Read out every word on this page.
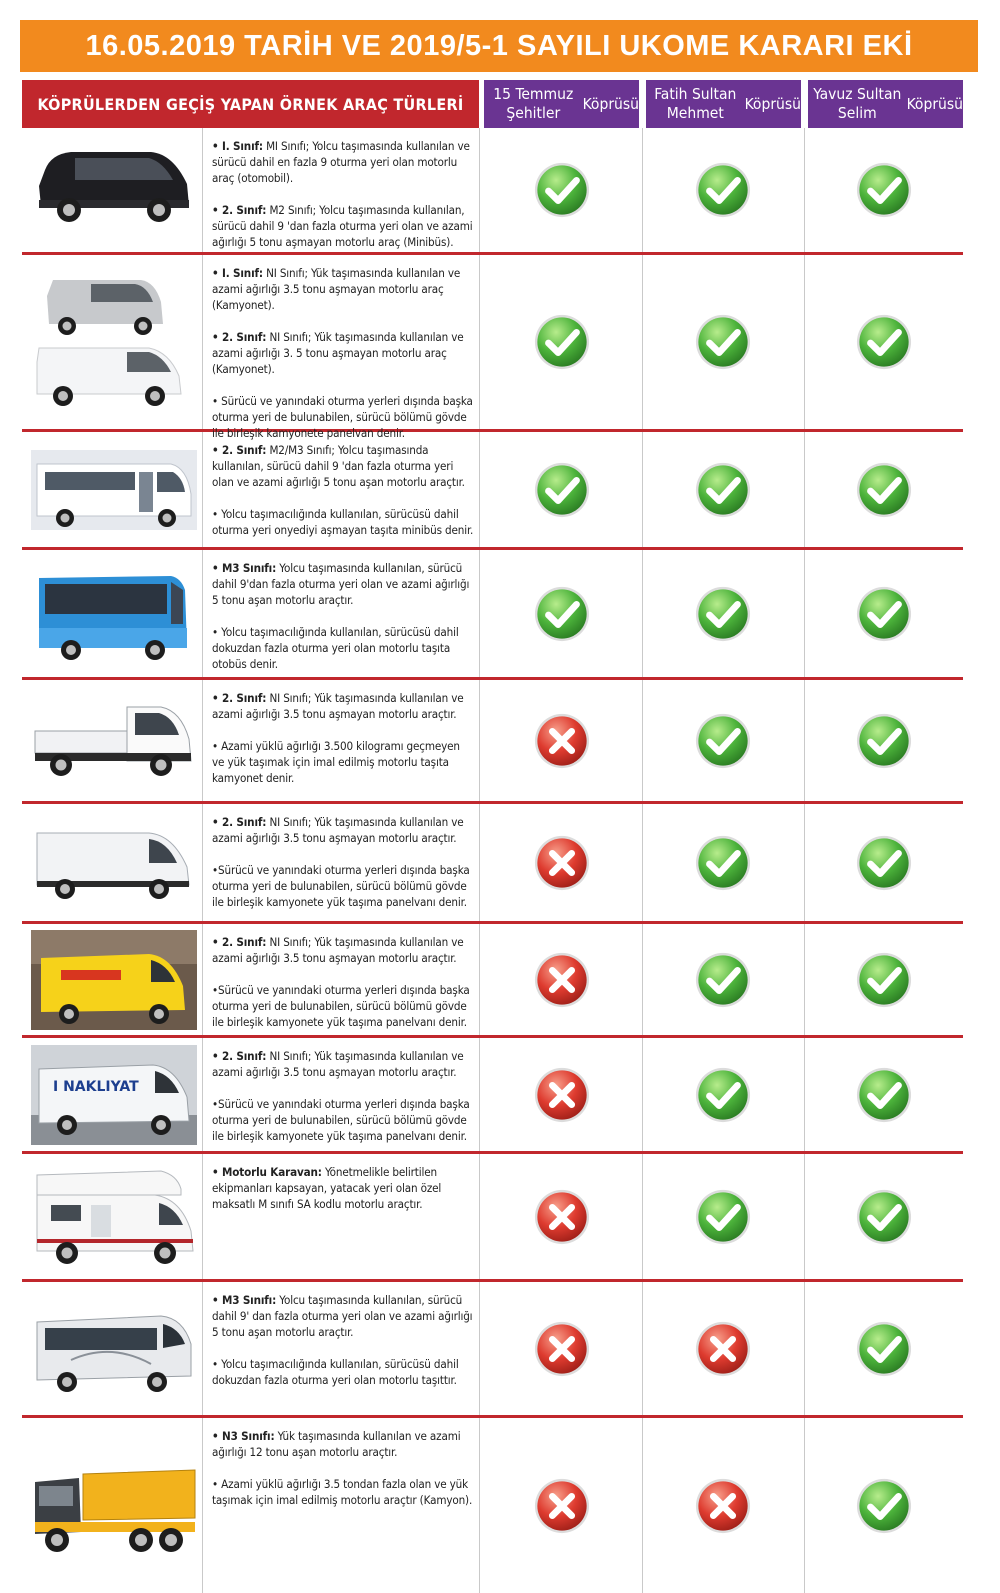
16.05.2019 TARİH VE 2019/5-1 SAYILI UKOME KARARI EKİ
KÖPRÜLERDEN GEÇİŞ YAPAN ÖRNEK ARAÇ TÜRLERİ
15 Temmuz Şehitler
Köprüsü
Fatih Sultan Mehmet
Köprüsü
Yavuz Sultan Selim
Köprüsü
• I. Sınıf: MI Sınıfı; Yolcu taşımasında kullanılan ve sürücü dahil en fazla 9 oturma yeri olan motorlu araç (otomobil).
• 2. Sınıf: M2 Sınıfı; Yolcu taşımasında kullanılan, sürücü dahil 9 'dan fazla oturma yeri olan ve azami ağırlığı 5 tonu aşmayan motorlu araç (Minibüs).
• I. Sınıf: NI Sınıfı; Yük taşımasında kullanılan ve azami ağırlığı 3.5 tonu aşmayan motorlu araç (Kamyonet).
• 2. Sınıf: NI Sınıfı; Yük taşımasında kullanılan ve azami ağırlığı 3. 5 tonu aşmayan motorlu araç (Kamyonet).
• Sürücü ve yanındaki oturma yerleri dışında başka oturma yeri de bulunabilen, sürücü bölümü gövde ile birleşik kamyonete panelvan denir.
• 2. Sınıf: M2/M3 Sınıfı; Yolcu taşımasında kullanılan, sürücü dahil 9 'dan fazla oturma yeri olan ve azami ağırlığı 5 tonu aşan motorlu araçtır.
• Yolcu taşımacılığında kullanılan, sürücüsü dahil oturma yeri onyediyi aşmayan taşıta minibüs denir.
• M3 Sınıfı: Yolcu taşımasında kullanılan, sürücü dahil 9'dan fazla oturma yeri olan ve azami ağırlığı 5 tonu aşan motorlu araçtır.
• Yolcu taşımacılığında kullanılan, sürücüsü dahil dokuzdan fazla oturma yeri olan motorlu taşıta otobüs denir.
• 2. Sınıf: NI Sınıfı; Yük taşımasında kullanılan ve azami ağırlığı 3.5 tonu aşmayan motorlu araçtır.
• Azami yüklü ağırlığı 3.500 kilogramı geçmeyen ve yük taşımak için imal edilmiş motorlu taşıta kamyonet denir.
• 2. Sınıf: NI Sınıfı; Yük taşımasında kullanılan ve azami ağırlığı 3.5 tonu aşmayan motorlu araçtır.
•Sürücü ve yanındaki oturma yerleri dışında başka oturma yeri de bulunabilen, sürücü bölümü gövde ile birleşik kamyonete yük taşıma panelvanı denir.
• 2. Sınıf: NI Sınıfı; Yük taşımasında kullanılan ve azami ağırlığı 3.5 tonu aşmayan motorlu araçtır.
•Sürücü ve yanındaki oturma yerleri dışında başka oturma yeri de bulunabilen, sürücü bölümü gövde ile birleşik kamyonete yük taşıma panelvanı denir.
I NAKLIYAT
• 2. Sınıf: NI Sınıfı; Yük taşımasında kullanılan ve azami ağırlığı 3.5 tonu aşmayan motorlu araçtır.
•Sürücü ve yanındaki oturma yerleri dışında başka oturma yeri de bulunabilen, sürücü bölümü gövde ile birleşik kamyonete yük taşıma panelvanı denir.
• Motorlu Karavan: Yönetmelikle belirtilen ekipmanları kapsayan, yatacak yeri olan özel maksatlı M sınıfı SA kodlu motorlu araçtır.
• M3 Sınıfı: Yolcu taşımasında kullanılan, sürücü dahil 9' dan fazla oturma yeri olan ve azami ağırlığı 5 tonu aşan motorlu araçtır.
• Yolcu taşımacılığında kullanılan, sürücüsü dahil dokuzdan fazla oturma yeri olan motorlu taşıttır.
• N3 Sınıfı: Yük taşımasında kullanılan ve azami ağırlığı 12 tonu aşan motorlu araçtır.
• Azami yüklü ağırlığı 3.5 tondan fazla olan ve yük taşımak için imal edilmiş motorlu araçtır (Kamyon).
